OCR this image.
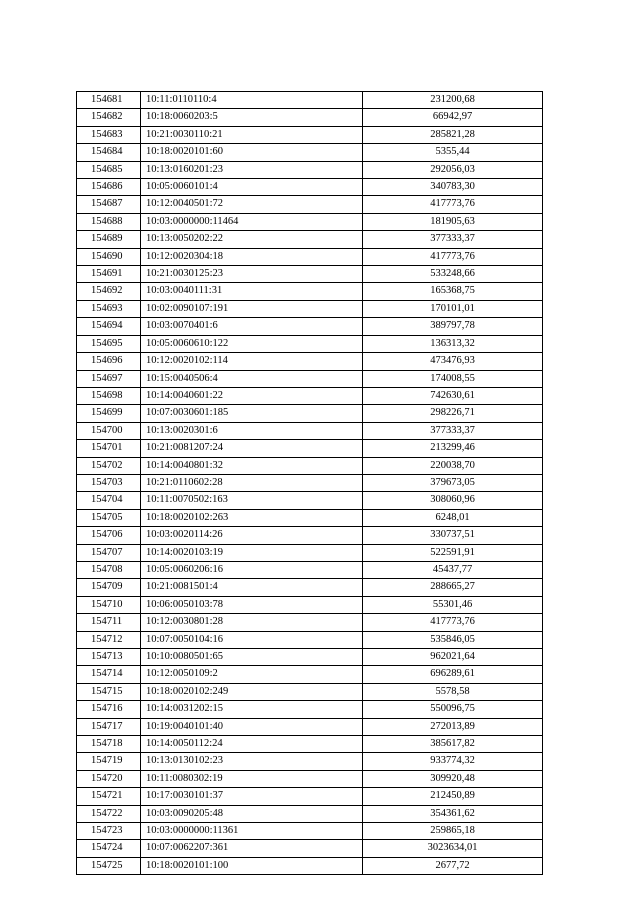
154681	10:11:0110110:4	231200,68
154682	10:18:0060203:5	66942,97
154683	10:21:0030110:21	285821,28
154684	10:18:0020101:60	5355,44
154685	10:13:0160201:23	292056,03
154686	10:05:0060101:4	340783,30
154687	10:12:0040501:72	417773,76
154688	10:03:0000000:11464	181905,63
154689	10:13:0050202:22	377333,37
154690	10:12:0020304:18	417773,76
154691	10:21:0030125:23	533248,66
154692	10:03:0040111:31	165368,75
154693	10:02:0090107:191	170101,01
154694	10:03:0070401:6	389797,78
154695	10:05:0060610:122	136313,32
154696	10:12:0020102:114	473476,93
154697	10:15:0040506:4	174008,55
154698	10:14:0040601:22	742630,61
154699	10:07:0030601:185	298226,71
154700	10:13:0020301:6	377333,37
154701	10:21:0081207:24	213299,46
154702	10:14:0040801:32	220038,70
154703	10:21:0110602:28	379673,05
154704	10:11:0070502:163	308060,96
154705	10:18:0020102:263	6248,01
154706	10:03:0020114:26	330737,51
154707	10:14:0020103:19	522591,91
154708	10:05:0060206:16	45437,77
154709	10:21:0081501:4	288665,27
154710	10:06:0050103:78	55301,46
154711	10:12:0030801:28	417773,76
154712	10:07:0050104:16	535846,05
154713	10:10:0080501:65	962021,64
154714	10:12:0050109:2	696289,61
154715	10:18:0020102:249	5578,58
154716	10:14:0031202:15	550096,75
154717	10:19:0040101:40	272013,89
154718	10:14:0050112:24	385617,82
154719	10:13:0130102:23	933774,32
154720	10:11:0080302:19	309920,48
154721	10:17:0030101:37	212450,89
154722	10:03:0090205:48	354361,62
154723	10:03:0000000:11361	259865,18
154724	10:07:0062207:361	3023634,01
154725	10:18:0020101:100	2677,72
